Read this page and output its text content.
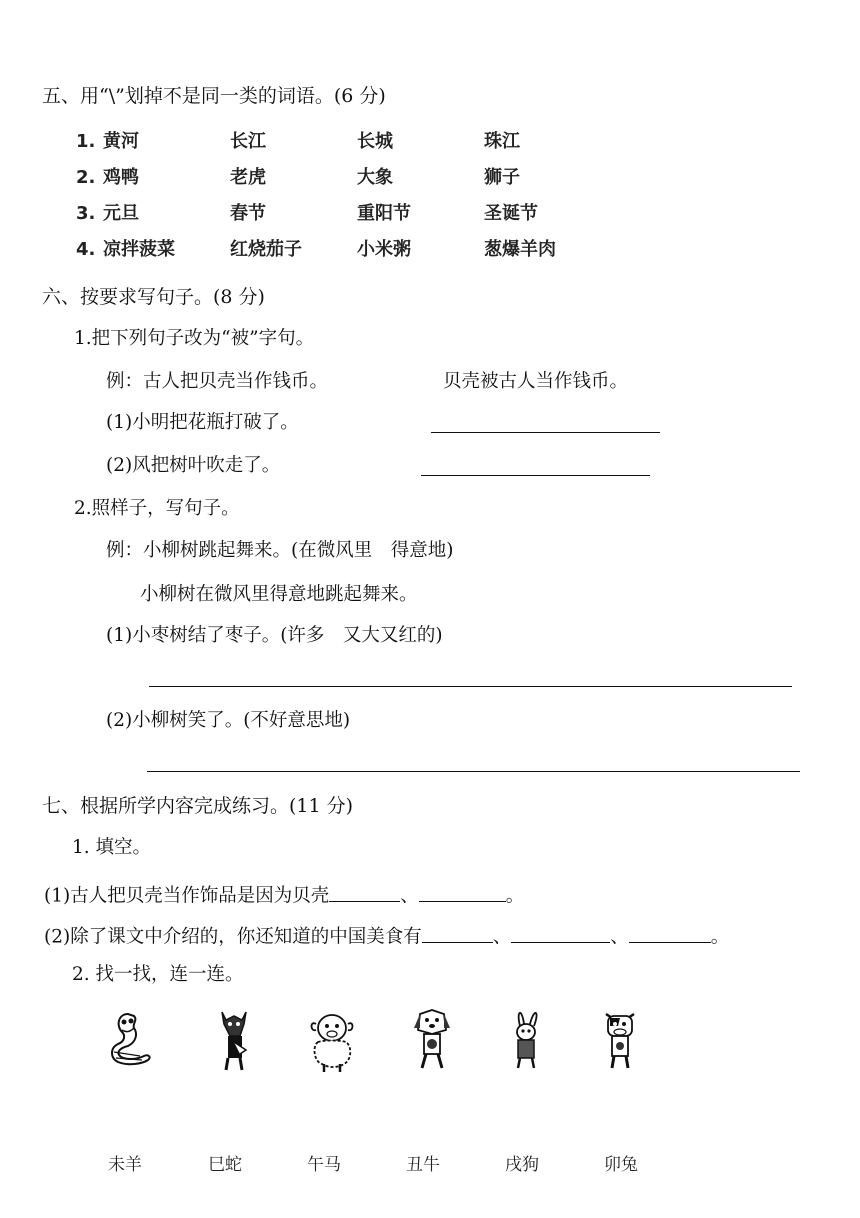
五、用“\”划掉不是同一类的词语。(6 分)
1. 黄河	长江	长城	珠江
2. 鸡鸭	老虎	大象	狮子
3. 元旦	春节	重阳节	圣诞节
4. 凉拌菠菜	红烧茄子	小米粥	葱爆羊肉
六、按要求写句子。(8 分)
1.把下列句子改为“被”字句。
例：古人把贝壳当作钱币。	贝壳被古人当作钱币。
(1)小明把花瓶打破了。
(2)风把树叶吹走了。
2.照样子，写句子。
例：小柳树跳起舞来。(在微风里　得意地)
小柳树在微风里得意地跳起舞来。
(1)小枣树结了枣子。(许多　又大又红的)
(2)小柳树笑了。(不好意思地)
七、根据所学内容完成练习。(11 分)
1. 填空。
(1)古人把贝壳当作饰品是因为贝壳	、	。
(2)除了课文中介绍的，你还知道的中国美食有	、	、	。
2. 找一找，连一连。
未羊	巳蛇	午马	丑牛	戌狗	卯兔
